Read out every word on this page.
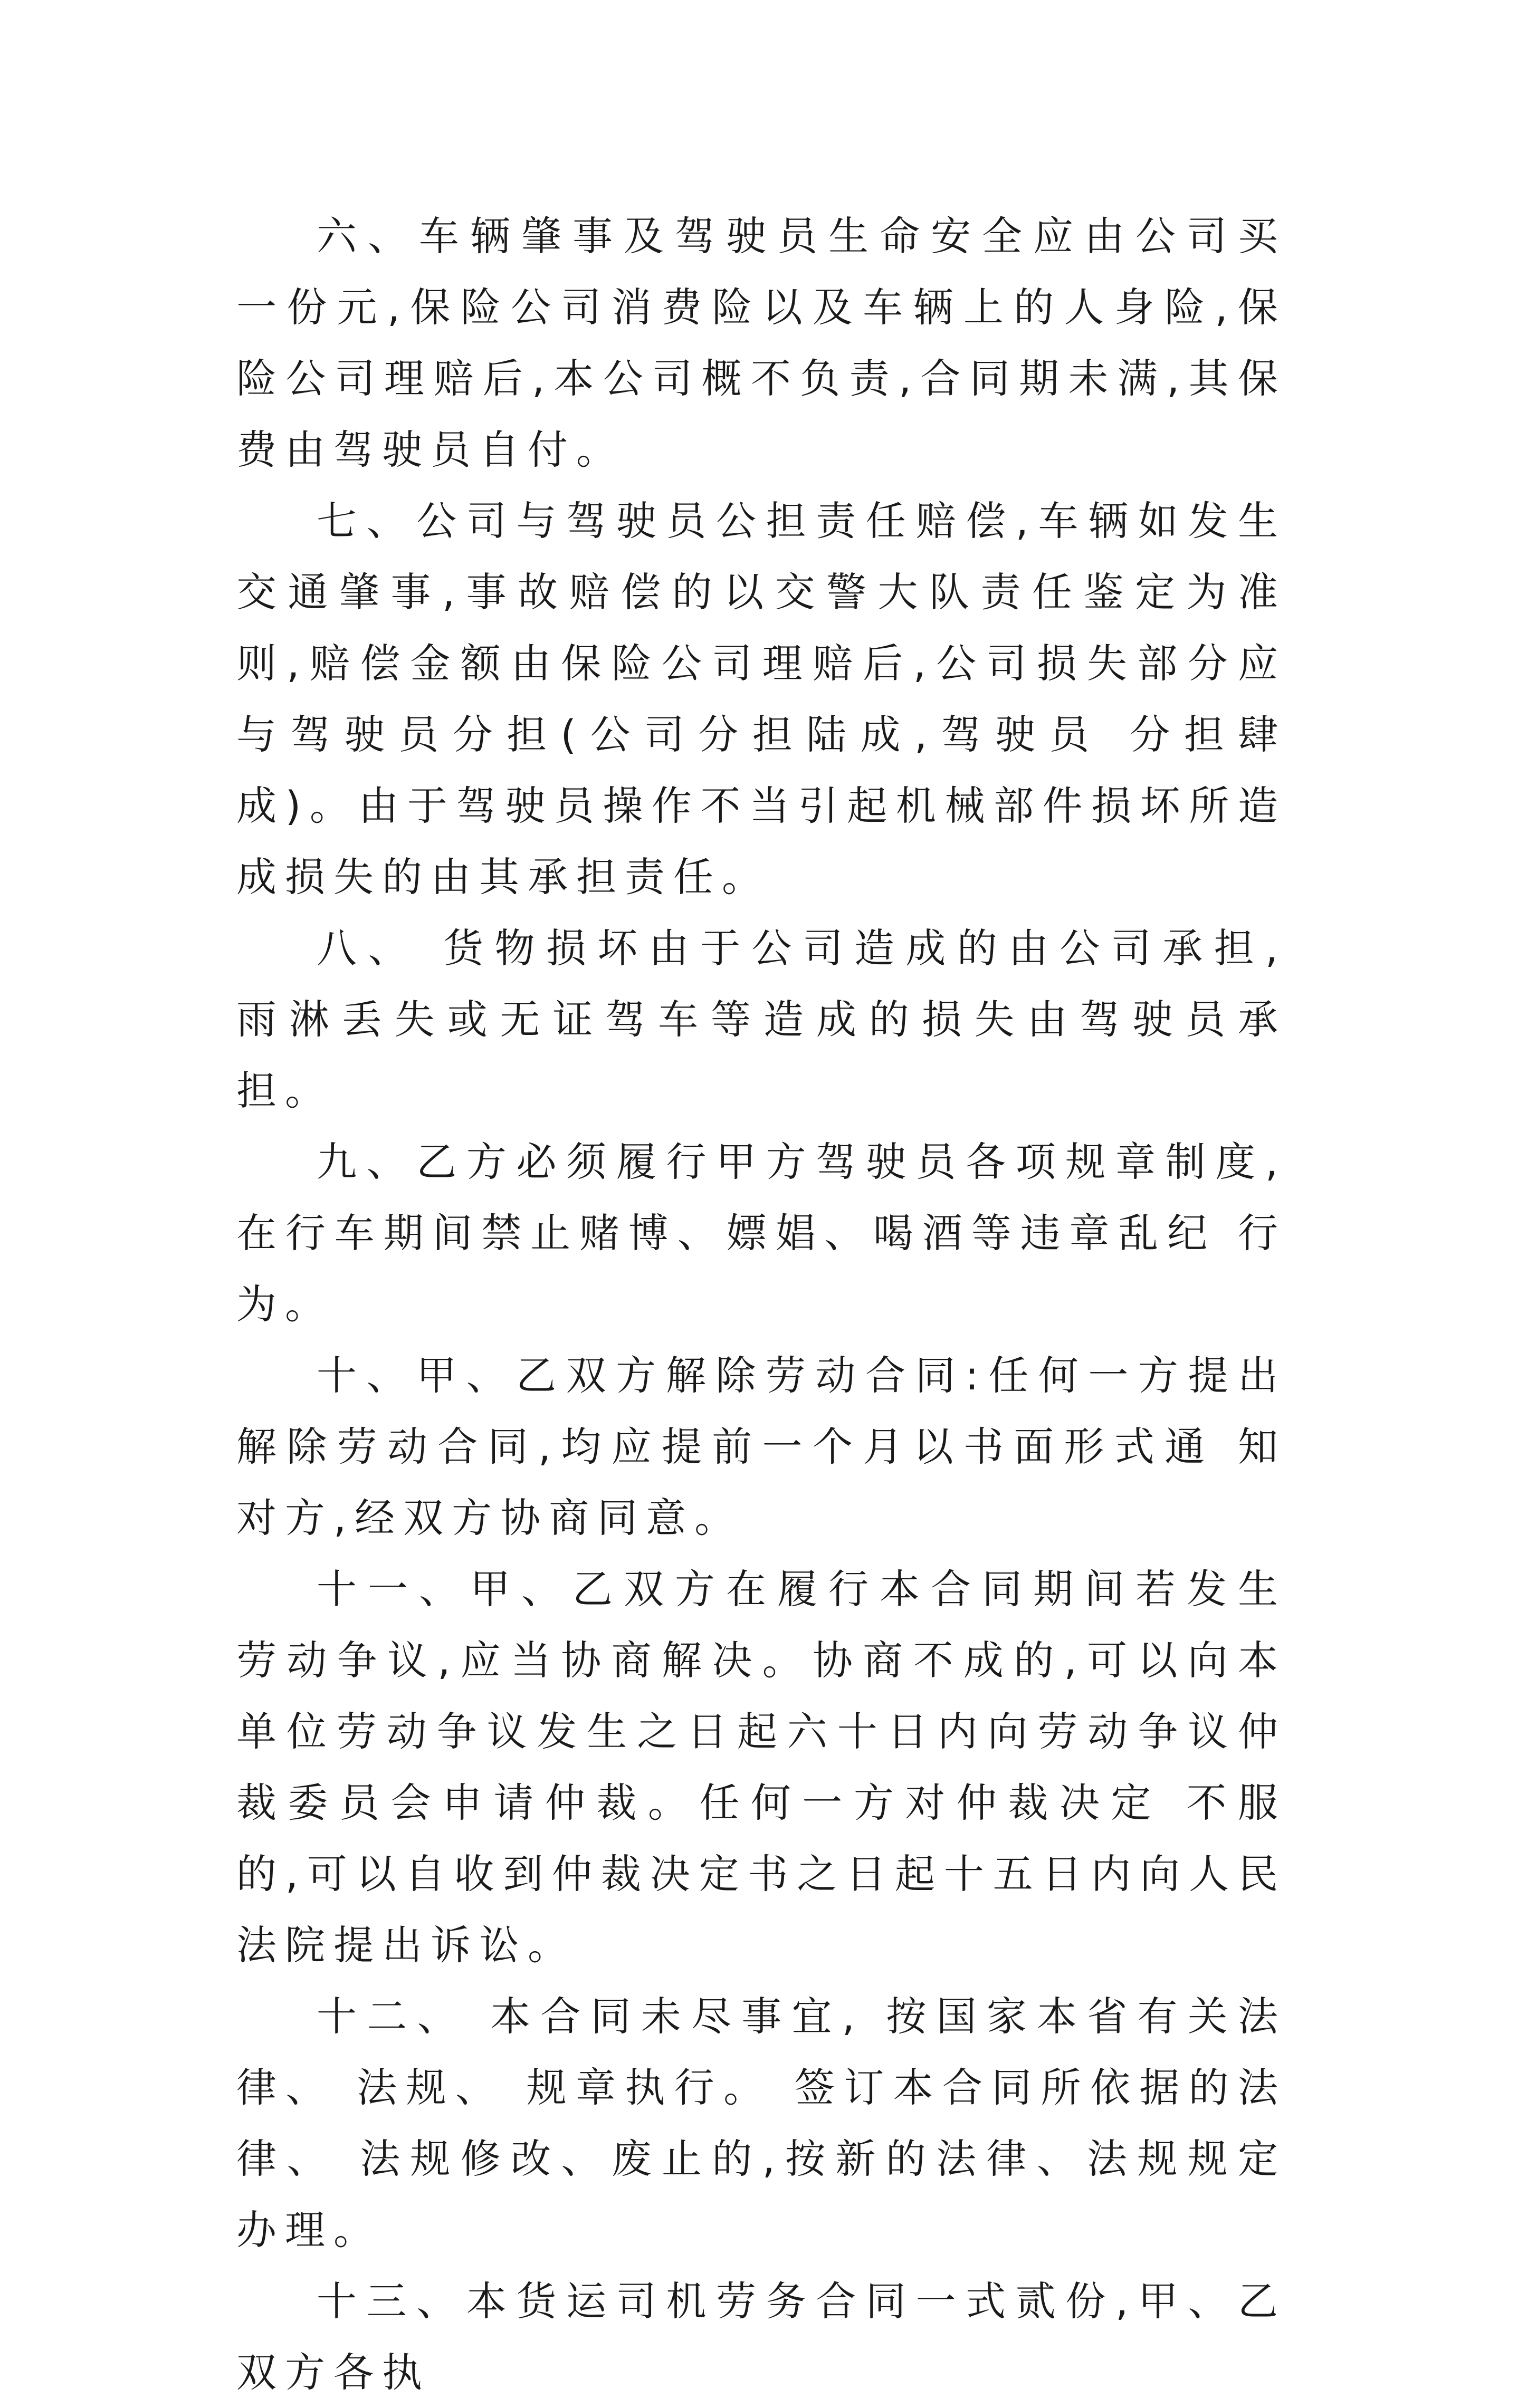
六、车辆肇事及驾驶员生命安全应由公司买一份元,保险公司消费险以及车辆上的人身险,保险公司理赔后,本公司概不负责,合同期未满,其保费由驾驶员自付。

七、公司与驾驶员公担责任赔偿,车辆如发生交通肇事,事故赔偿的以交警大队责任鉴定为准则,赔偿金额由保险公司理赔后,公司损失部分应与驾驶员分担(公司分担陆成,驾驶员 分担肆成)。由于驾驶员操作不当引起机械部件损坏所造成损失的由其承担责任。

八、 货物损坏由于公司造成的由公司承担, 雨淋丢失或无证驾车等造成的损失由驾驶员承担。

九、乙方必须履行甲方驾驶员各项规章制度,在行车期间禁止赌博、嫖娼、喝酒等违章乱纪 行为。

十、甲、乙双方解除劳动合同:任何一方提出解除劳动合同,均应提前一个月以书面形式通 知对方,经双方协商同意。

十一、甲、乙双方在履行本合同期间若发生劳动争议,应当协商解决。协商不成的,可以向本单位劳动争议发生之日起六十日内向劳动争议仲裁委员会申请仲裁。任何一方对仲裁决定 不服的,可以自收到仲裁决定书之日起十五日内向人民法院提出诉讼。

十二、 本合同未尽事宜, 按国家本省有关法律、 法规、 规章执行。 签订本合同所依据的法律、 法规修改、废止的,按新的法律、法规规定办理。

十三、本货运司机劳务合同一式贰份,甲、乙双方各执
